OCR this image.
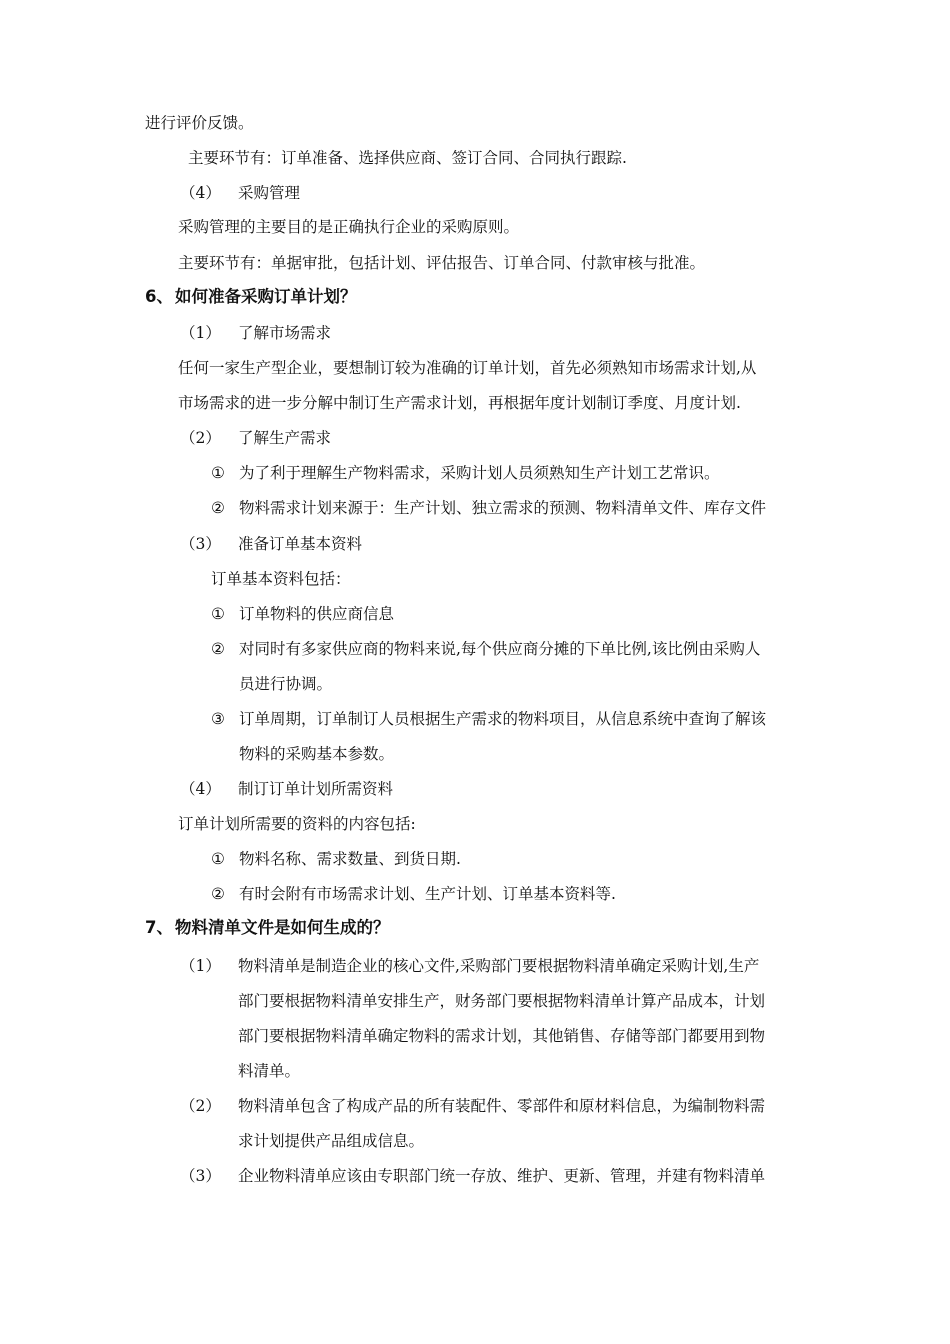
进行评价反馈。
主要环节有：订单准备、选择供应商、签订合同、合同执行跟踪.
（4） 采购管理
采购管理的主要目的是正确执行企业的采购原则。
主要环节有：单据审批，包括计划、评估报告、订单合同、付款审核与批准。
6、 如何准备采购订单计划？
（1） 了解市场需求
任何一家生产型企业，要想制订较为准确的订单计划，首先必须熟知市场需求计划,从
市场需求的进一步分解中制订生产需求计划，再根据年度计划制订季度、月度计划.
（2） 了解生产需求
① 为了利于理解生产物料需求，采购计划人员须熟知生产计划工艺常识。
② 物料需求计划来源于：生产计划、独立需求的预测、物料清单文件、库存文件
（3） 准备订单基本资料
订单基本资料包括：
① 订单物料的供应商信息
② 对同时有多家供应商的物料来说,每个供应商分摊的下单比例,该比例由采购人
员进行协调。
③ 订单周期，订单制订人员根据生产需求的物料项目，从信息系统中查询了解该
物料的采购基本参数。
（4） 制订订单计划所需资料
订单计划所需要的资料的内容包括:
① 物料名称、需求数量、到货日期.
② 有时会附有市场需求计划、生产计划、订单基本资料等.
7、 物料清单文件是如何生成的？
（1） 物料清单是制造企业的核心文件,采购部门要根据物料清单确定采购计划,生产
部门要根据物料清单安排生产，财务部门要根据物料清单计算产品成本，计划
部门要根据物料清单确定物料的需求计划，其他销售、存储等部门都要用到物
料清单。
（2） 物料清单包含了构成产品的所有装配件、零部件和原材料信息，为编制物料需
求计划提供产品组成信息。
（3） 企业物料清单应该由专职部门统一存放、维护、更新、管理，并建有物料清单
